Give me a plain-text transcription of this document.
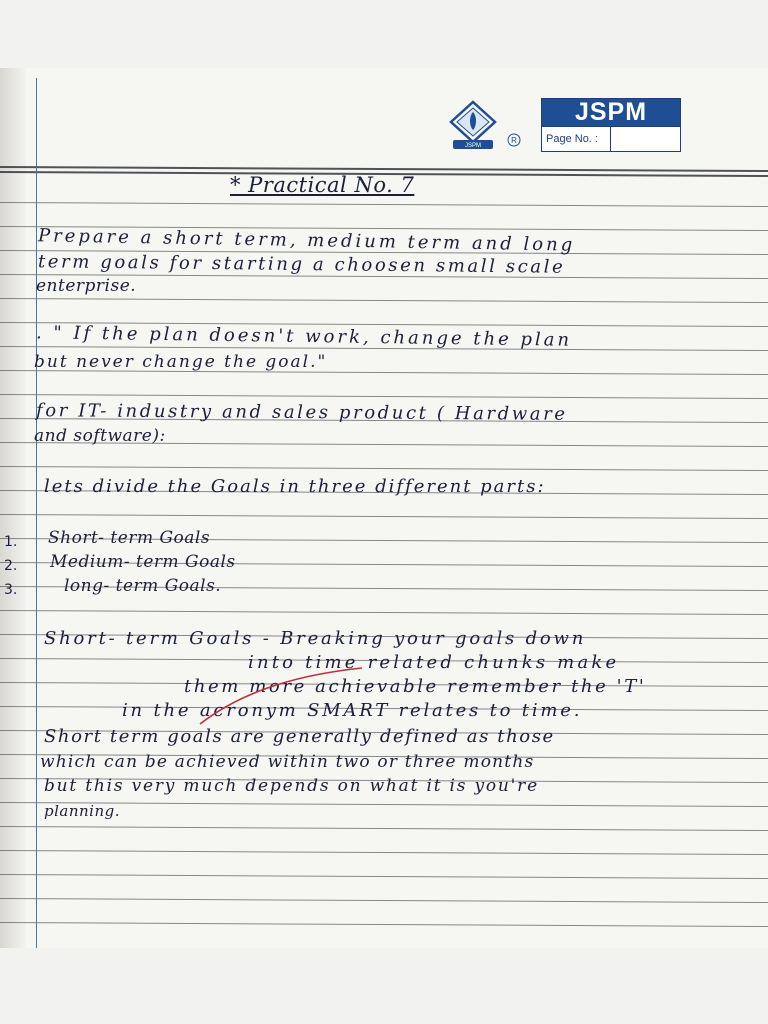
JSPM
R
JSPM
Page No. :
* Practical No. 7
Prepare a short term, medium term and long
term goals for starting a choosen small scale
enterprise.
. " If the plan doesn't work, change the plan
but never change the goal."
for IT- industry and sales product ( Hardware
and software):
lets divide the Goals in three different parts:
1. Short- term Goals
2. Medium- term Goals
3.	long- term Goals.
Short- term Goals - Breaking your goals down
into time related chunks make
them more achievable remember the 'T'
in the acronym SMART relates to time.
Short term goals are generally defined as those
which can be achieved within two or three months
but this very much depends on what it is you're
planning.
